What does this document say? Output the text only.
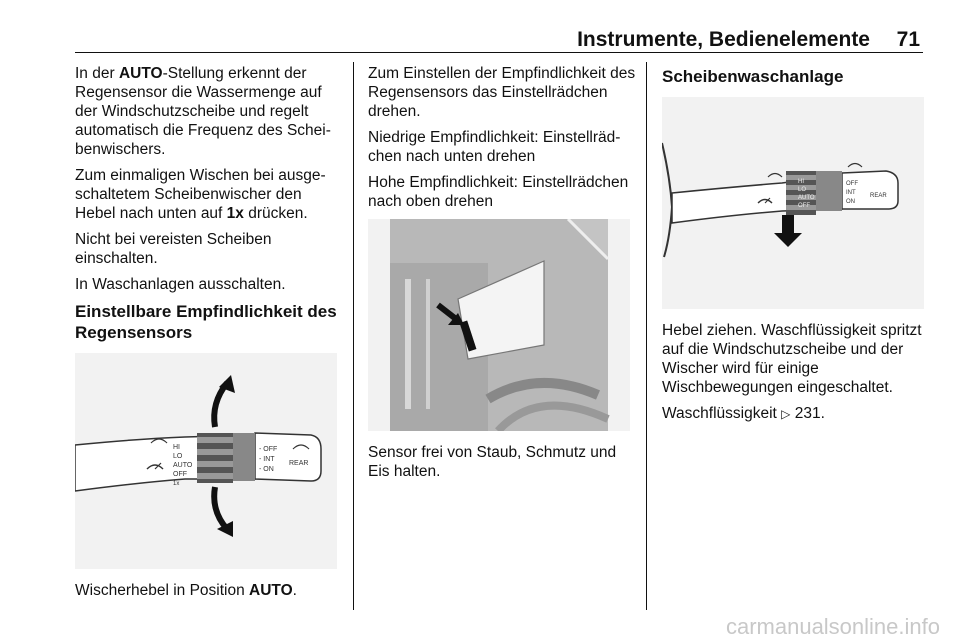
Instrumente, Bedienelemente	71

In der AUTO-Stellung erkennt der Regensensor die Wassermenge auf der Windschutzscheibe und regelt automatisch die Frequenz des Scheibenwischers.

Zum einmaligen Wischen bei ausgeschaltetem Scheibenwischer den Hebel nach unten auf 1x drücken.

Nicht bei vereisten Scheiben einschalten.

In Waschanlagen ausschalten.

Einstellbare Empfindlichkeit des Regensensors
HI
LO
AUTO
OFF
1x
- OFF
- INT
- ON
REAR

Wischerhebel in Position AUTO.

Zum Einstellen der Empfindlichkeit des Regensensors das Einstellrädchen drehen.

Niedrige Empfindlichkeit: Einstellrädchen nach unten drehen

Hohe Empfindlichkeit: Einstellrädchen nach oben drehen

Sensor frei von Staub, Schmutz und Eis halten.

Scheibenwaschanlage
HI
LO
AUTO
OFF
OFF
INT
ON
REAR

Hebel ziehen. Waschflüssigkeit spritzt auf die Windschutzscheibe und der Wischer wird für einige Wischbewegungen eingeschaltet.

Waschflüssigkeit ▷ 231.

carmanualsonline.info
